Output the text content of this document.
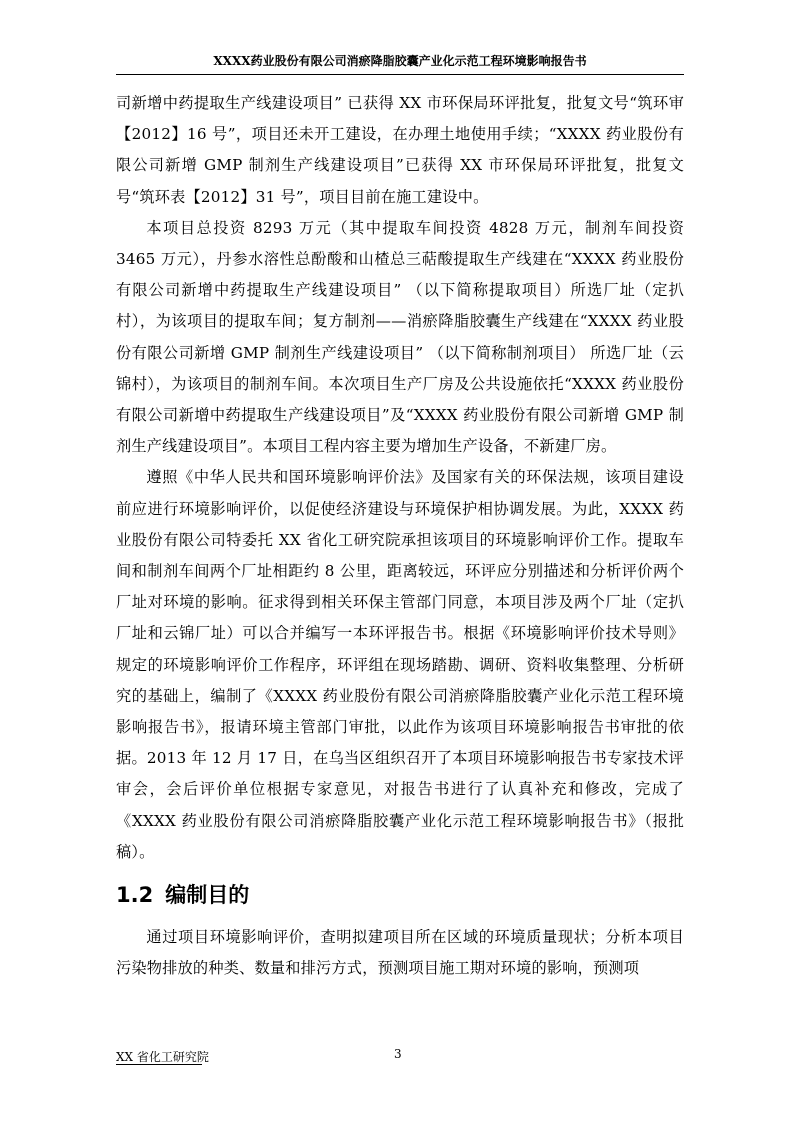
XXXX药业股份有限公司消瘀降脂胶囊产业化示范工程环境影响报告书

司新增中药提取生产线建设项目” 已获得 XX 市环保局环评批复，批复文号“筑环审【2012】16 号”，项目还未开工建设，在办理土地使用手续；“XXXX 药业股份有限公司新增 GMP 制剂生产线建设项目”已获得 XX 市环保局环评批复，批复文号“筑环表【2012】31 号”，项目目前在施工建设中。

本项目总投资 8293 万元（其中提取车间投资 4828 万元，制剂车间投资 3465 万元），丹参水溶性总酚酸和山楂总三萜酸提取生产线建在“XXXX 药业股份有限公司新增中药提取生产线建设项目” （以下简称提取项目）所选厂址（定扒村），为该项目的提取车间；复方制剂——消瘀降脂胶囊生产线建在“XXXX 药业股份有限公司新增 GMP 制剂生产线建设项目” （以下简称制剂项目） 所选厂址（云锦村），为该项目的制剂车间。本次项目生产厂房及公共设施依托“XXXX 药业股份有限公司新增中药提取生产线建设项目”及“XXXX 药业股份有限公司新增 GMP 制剂生产线建设项目”。本项目工程内容主要为增加生产设备，不新建厂房。

遵照《中华人民共和国环境影响评价法》及国家有关的环保法规，该项目建设前应进行环境影响评价，以促使经济建设与环境保护相协调发展。为此，XXXX 药业股份有限公司特委托 XX 省化工研究院承担该项目的环境影响评价工作。提取车间和制剂车间两个厂址相距约 8 公里，距离较远，环评应分别描述和分析评价两个厂址对环境的影响。征求得到相关环保主管部门同意，本项目涉及两个厂址（定扒厂址和云锦厂址）可以合并编写一本环评报告书。根据《环境影响评价技术导则》规定的环境影响评价工作程序，环评组在现场踏勘、调研、资料收集整理、分析研究的基础上，编制了《XXXX 药业股份有限公司消瘀降脂胶囊产业化示范工程环境影响报告书》，报请环境主管部门审批，以此作为该项目环境影响报告书审批的依据。2013 年 12 月 17 日，在乌当区组织召开了本项目环境影响报告书专家技术评审会，会后评价单位根据专家意见，对报告书进行了认真补充和修改，完成了《XXXX 药业股份有限公司消瘀降脂胶囊产业化示范工程环境影响报告书》（报批稿）。

1.2 编制目的

通过项目环境影响评价，查明拟建项目所在区域的环境质量现状；分析本项目污染物排放的种类、数量和排污方式，预测项目施工期对环境的影响，预测项

XX 省化工研究院	3
